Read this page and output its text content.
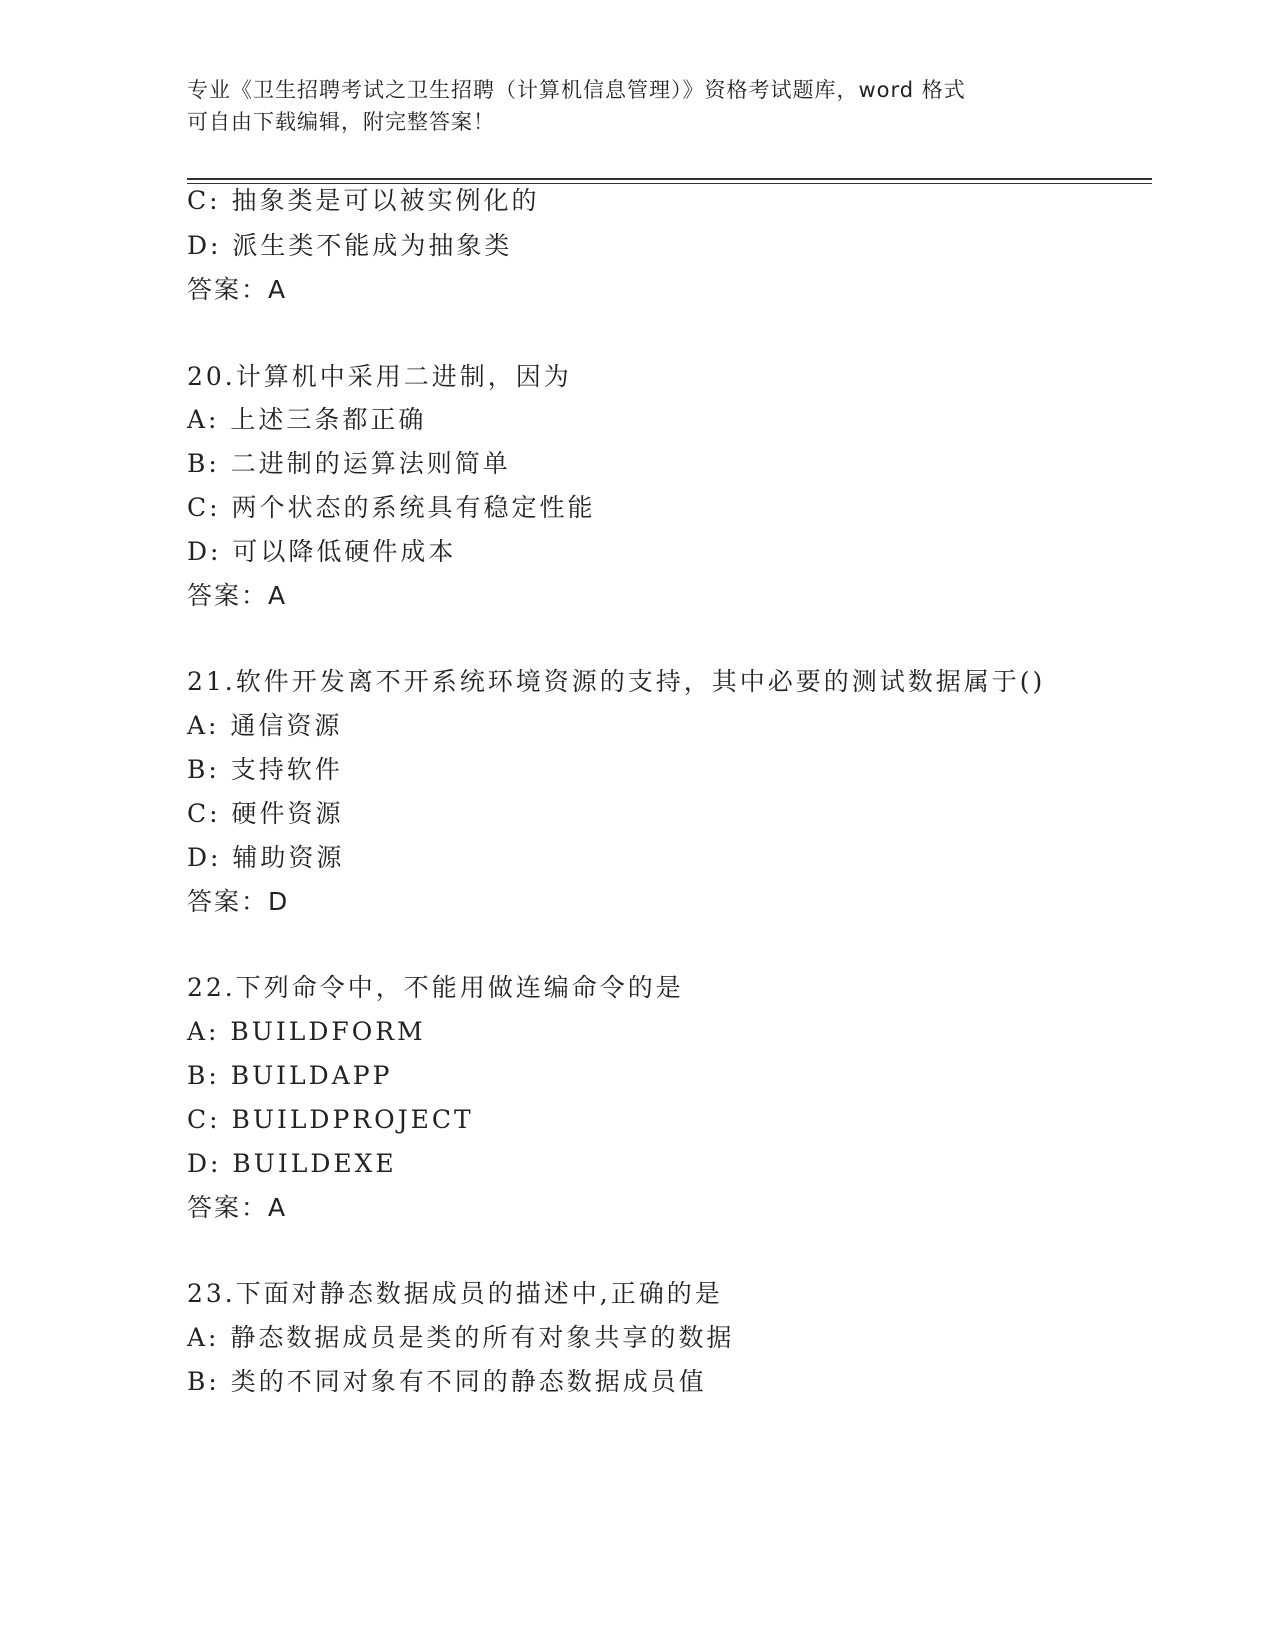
专业《卫生招聘考试之卫生招聘（计算机信息管理）》资格考试题库，word 格式
可自由下载编辑，附完整答案！
C: 抽象类是可以被实例化的
D: 派生类不能成为抽象类
答案：A
20.计算机中采用二进制，因为
A: 上述三条都正确
B: 二进制的运算法则简单
C: 两个状态的系统具有稳定性能
D: 可以降低硬件成本
答案：A
21.软件开发离不开系统环境资源的支持，其中必要的测试数据属于()
A: 通信资源
B: 支持软件
C: 硬件资源
D: 辅助资源
答案：D
22.下列命令中，不能用做连编命令的是
A: BUILDFORM
B: BUILDAPP
C: BUILDPROJECT
D: BUILDEXE
答案：A
23.下面对静态数据成员的描述中,正确的是
A: 静态数据成员是类的所有对象共享的数据
B: 类的不同对象有不同的静态数据成员值
